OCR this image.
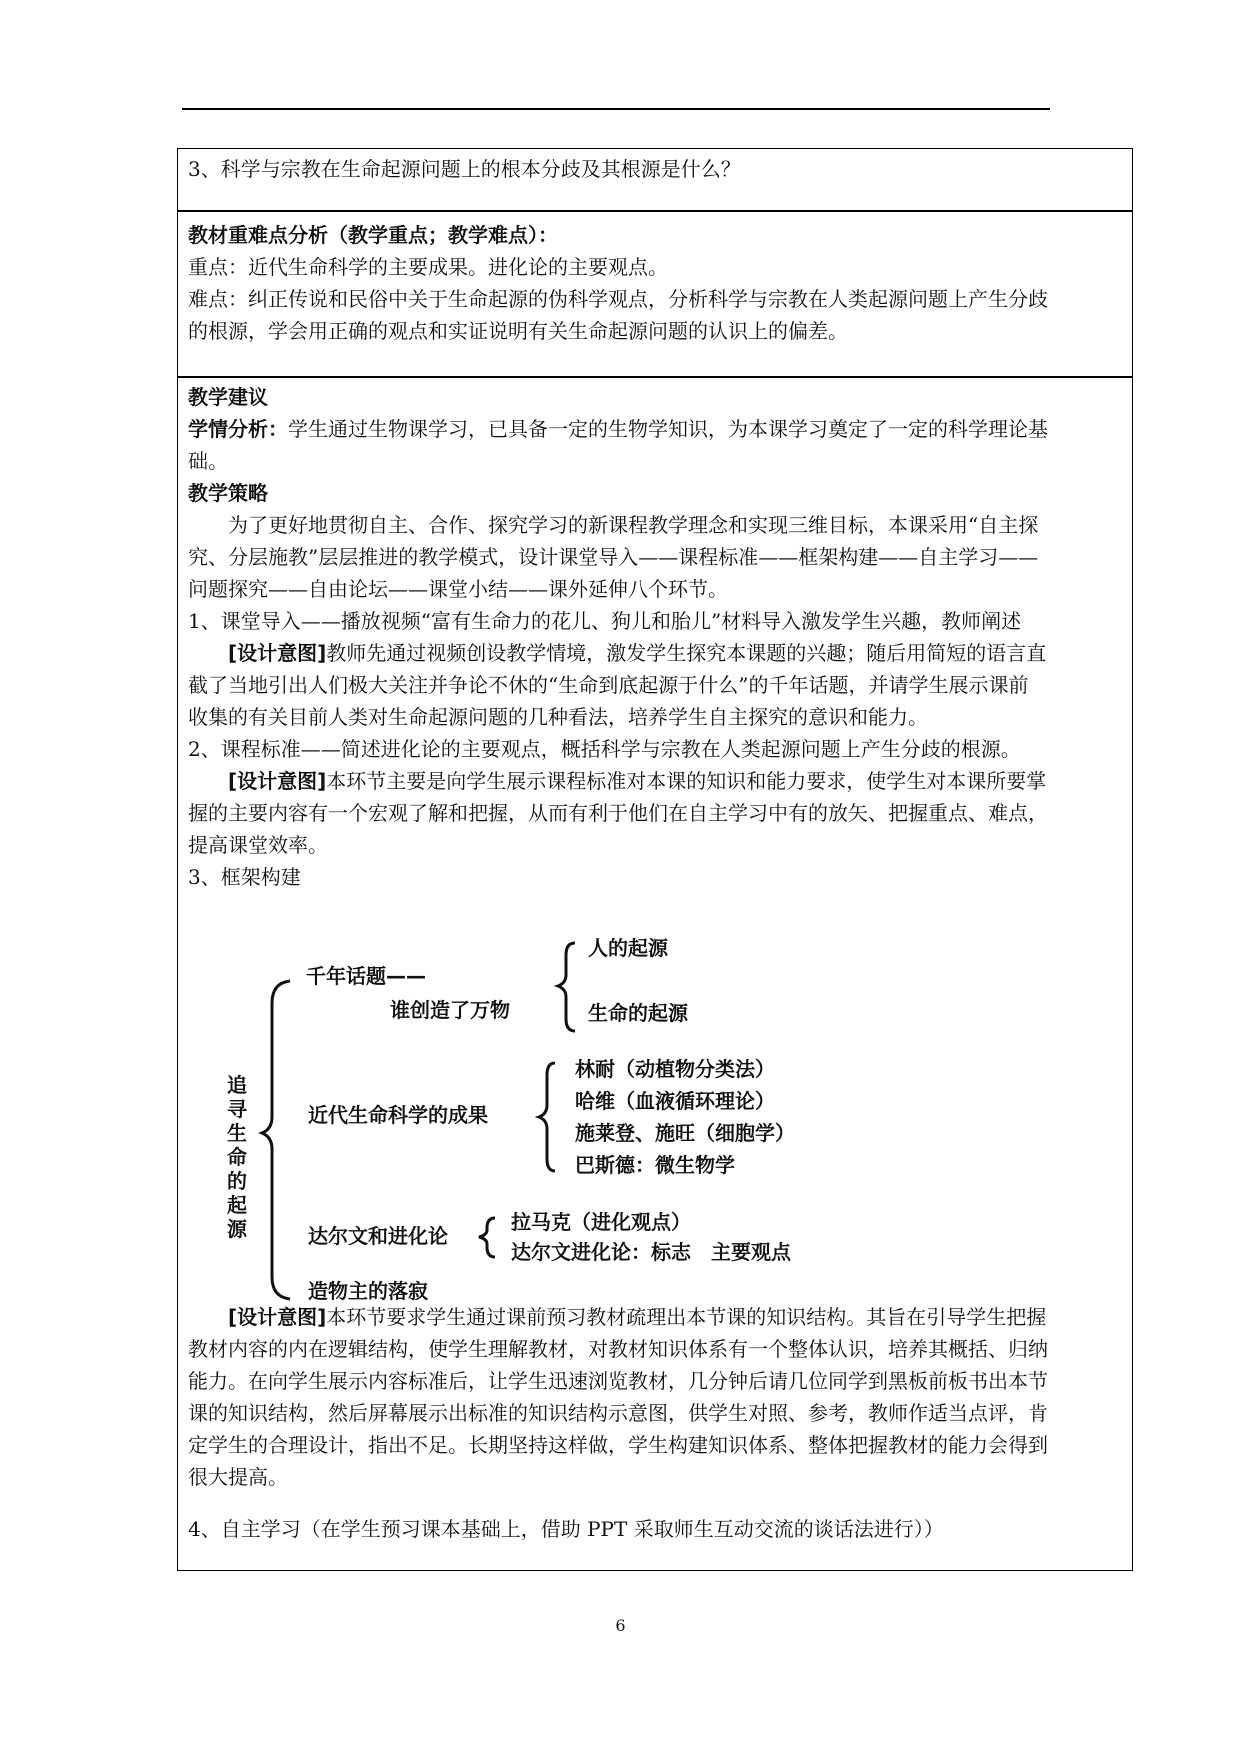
3、科学与宗教在生命起源问题上的根本分歧及其根源是什么？
教材重难点分析（教学重点；教学难点）：
重点：近代生命科学的主要成果。进化论的主要观点。
难点：纠正传说和民俗中关于生命起源的伪科学观点，分析科学与宗教在人类起源问题上产生分歧
的根源，学会用正确的观点和实证说明有关生命起源问题的认识上的偏差。
教学建议
学情分析：学生通过生物课学习，已具备一定的生物学知识，为本课学习奠定了一定的科学理论基
础。
教学策略
为了更好地贯彻自主、合作、探究学习的新课程教学理念和实现三维目标，本课采用“自主探
究、分层施教”层层推进的教学模式，设计课堂导入——课程标准——框架构建——自主学习——
问题探究——自由论坛——课堂小结——课外延伸八个环节。
1、课堂导入——播放视频“富有生命力的花儿、狗儿和胎儿”材料导入激发学生兴趣，教师阐述
[设计意图]教师先通过视频创设教学情境，激发学生探究本课题的兴趣；随后用简短的语言直
截了当地引出人们极大关注并争论不休的“生命到底起源于什么”的千年话题，并请学生展示课前
收集的有关目前人类对生命起源问题的几种看法，培养学生自主探究的意识和能力。
2、课程标准——简述进化论的主要观点，概括科学与宗教在人类起源问题上产生分歧的根源。
[设计意图]本环节主要是向学生展示课程标准对本课的知识和能力要求，使学生对本课所要掌
握的主要内容有一个宏观了解和把握，从而有利于他们在自主学习中有的放矢、把握重点、难点，
提高课堂效率。
3、框架构建
追
寻
生
命
的
起
源
千年话题——
谁创造了万物
人的起源
生命的起源
近代生命科学的成果
林耐（动植物分类法）
哈维（血液循环理论）
施莱登、施旺（细胞学）
巴斯德：微生物学
达尔文和进化论
拉马克（进化观点）
达尔文进化论：标志　主要观点
造物主的落寂
[设计意图]本环节要求学生通过课前预习教材疏理出本节课的知识结构。其旨在引导学生把握
教材内容的内在逻辑结构，使学生理解教材，对教材知识体系有一个整体认识，培养其概括、归纳
能力。在向学生展示内容标准后，让学生迅速浏览教材，几分钟后请几位同学到黑板前板书出本节
课的知识结构，然后屏幕展示出标准的知识结构示意图，供学生对照、参考，教师作适当点评，肯
定学生的合理设计，指出不足。长期坚持这样做，学生构建知识体系、整体把握教材的能力会得到
很大提高。
4、自主学习（在学生预习课本基础上，借助 PPT 采取师生互动交流的谈话法进行））
6
